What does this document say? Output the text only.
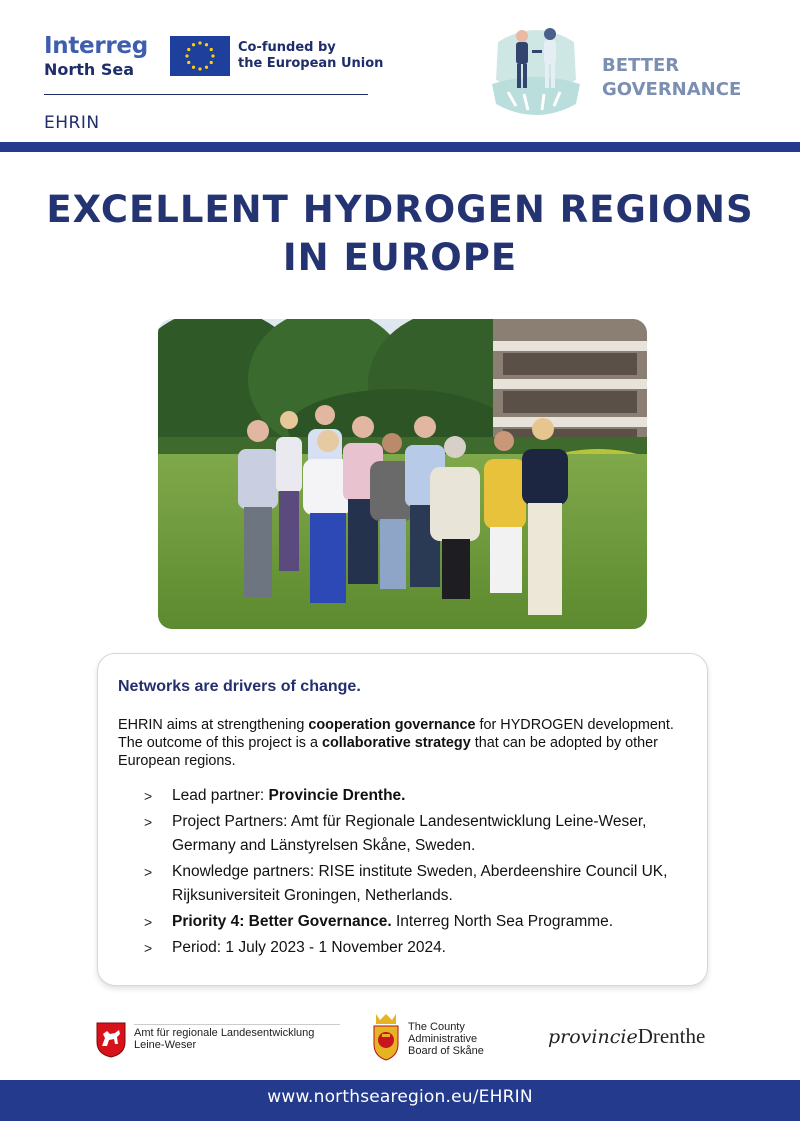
Interreg
North Sea
Co-funded by
the European Union
EHRIN
BETTER
GOVERNANCE
EXCELLENT HYDROGEN REGIONS
IN EUROPE
Networks are drivers of change.
EHRIN aims at strengthening cooperation governance for HYDROGEN development. The outcome of this project is a collaborative strategy that can be adopted by other European regions.
> Lead partner: Provincie Drenthe.
> Project Partners: Amt für Regionale Landesentwicklung Leine-Weser,
Germany and Länstyrelsen Skåne, Sweden.
> Knowledge partners: RISE institute Sweden, Aberdeenshire Council UK,
Rijksuniversiteit Groningen, Netherlands.
> Priority 4: Better Governance. Interreg North Sea Programme.
> Period: 1 July 2023 - 1 November 2024.
Amt für regionale Landesentwicklung
Leine-Weser
The County
Administrative
Board of Skåne
provincieDrenthe
www.northsearegion.eu/EHRIN
